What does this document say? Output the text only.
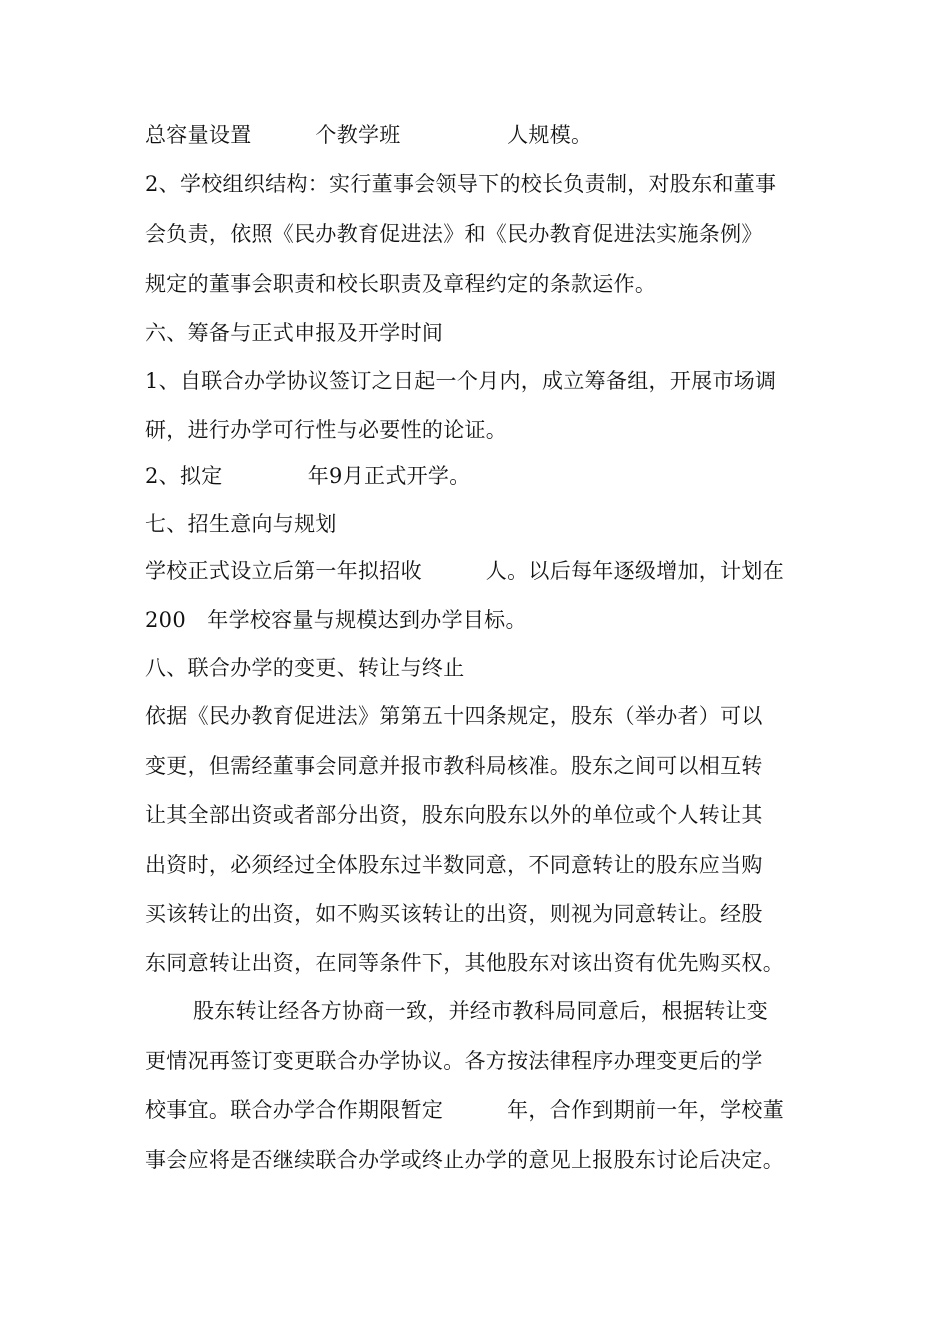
总容量设置　　　个教学班　　　　　人规模。
2、学校组织结构：实行董事会领导下的校长负责制，对股东和董事
会负责，依照《民办教育促进法》和《民办教育促进法实施条例》
规定的董事会职责和校长职责及章程约定的条款运作。
六、筹备与正式申报及开学时间
1、自联合办学协议签订之日起一个月内，成立筹备组，开展市场调
研，进行办学可行性与必要性的论证。
2、拟定　　　　年9月正式开学。
七、招生意向与规划
学校正式设立后第一年拟招收　　　人。以后每年逐级增加，计划在
200　年学校容量与规模达到办学目标。
八、联合办学的变更、转让与终止
依据《民办教育促进法》第第五十四条规定，股东（举办者）可以
变更，但需经董事会同意并报市教科局核准。股东之间可以相互转
让其全部出资或者部分出资，股东向股东以外的单位或个人转让其
出资时，必须经过全体股东过半数同意，不同意转让的股东应当购
买该转让的出资，如不购买该转让的出资，则视为同意转让。经股
东同意转让出资，在同等条件下，其他股东对该出资有优先购买权。
股东转让经各方协商一致，并经市教科局同意后，根据转让变
更情况再签订变更联合办学协议。各方按法律程序办理变更后的学
校事宜。联合办学合作期限暂定　　　年，合作到期前一年，学校董
事会应将是否继续联合办学或终止办学的意见上报股东讨论后决定。
